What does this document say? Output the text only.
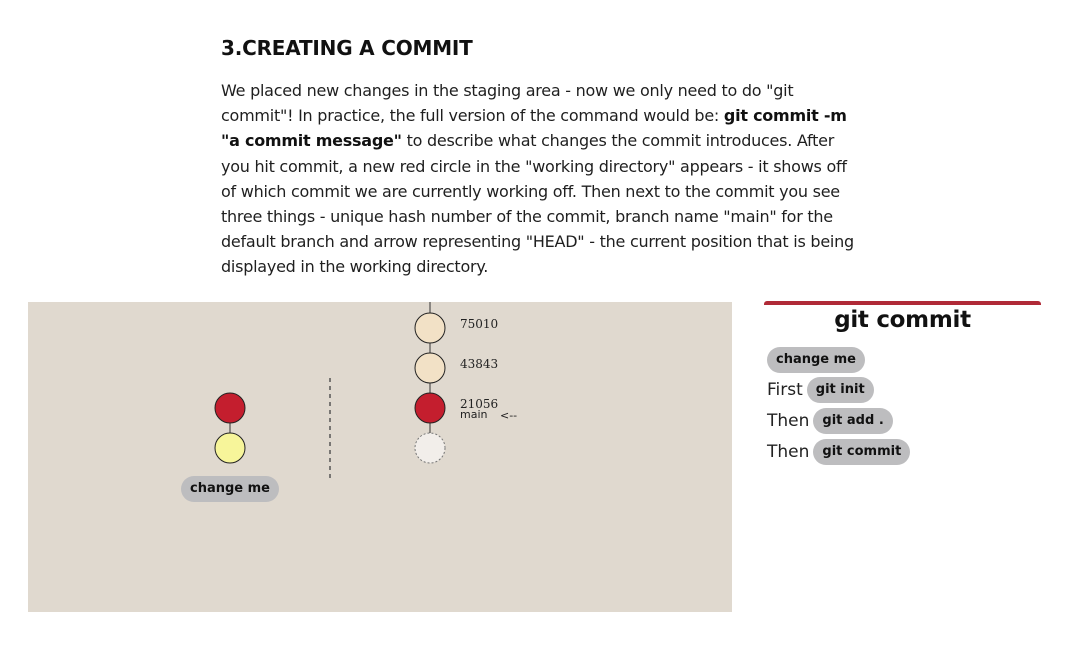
3.CREATING A COMMIT

We placed new changes in the staging area - now we only need to do "git commit"! In practice, the full version of the command would be: git commit -m "a commit message" to describe what changes the commit introduces. After you hit commit, a new red circle in the "working directory" appears - it shows off of which commit we are currently working off. Then next to the commit you see three things - unique hash number of the commit, branch name "main" for the default branch and arrow representing "HEAD" - the current position that is being displayed in the working directory.

75010
43843
21056
main <--
change me
git commit
change me
First	git init
Then	git add .
Then	git commit
